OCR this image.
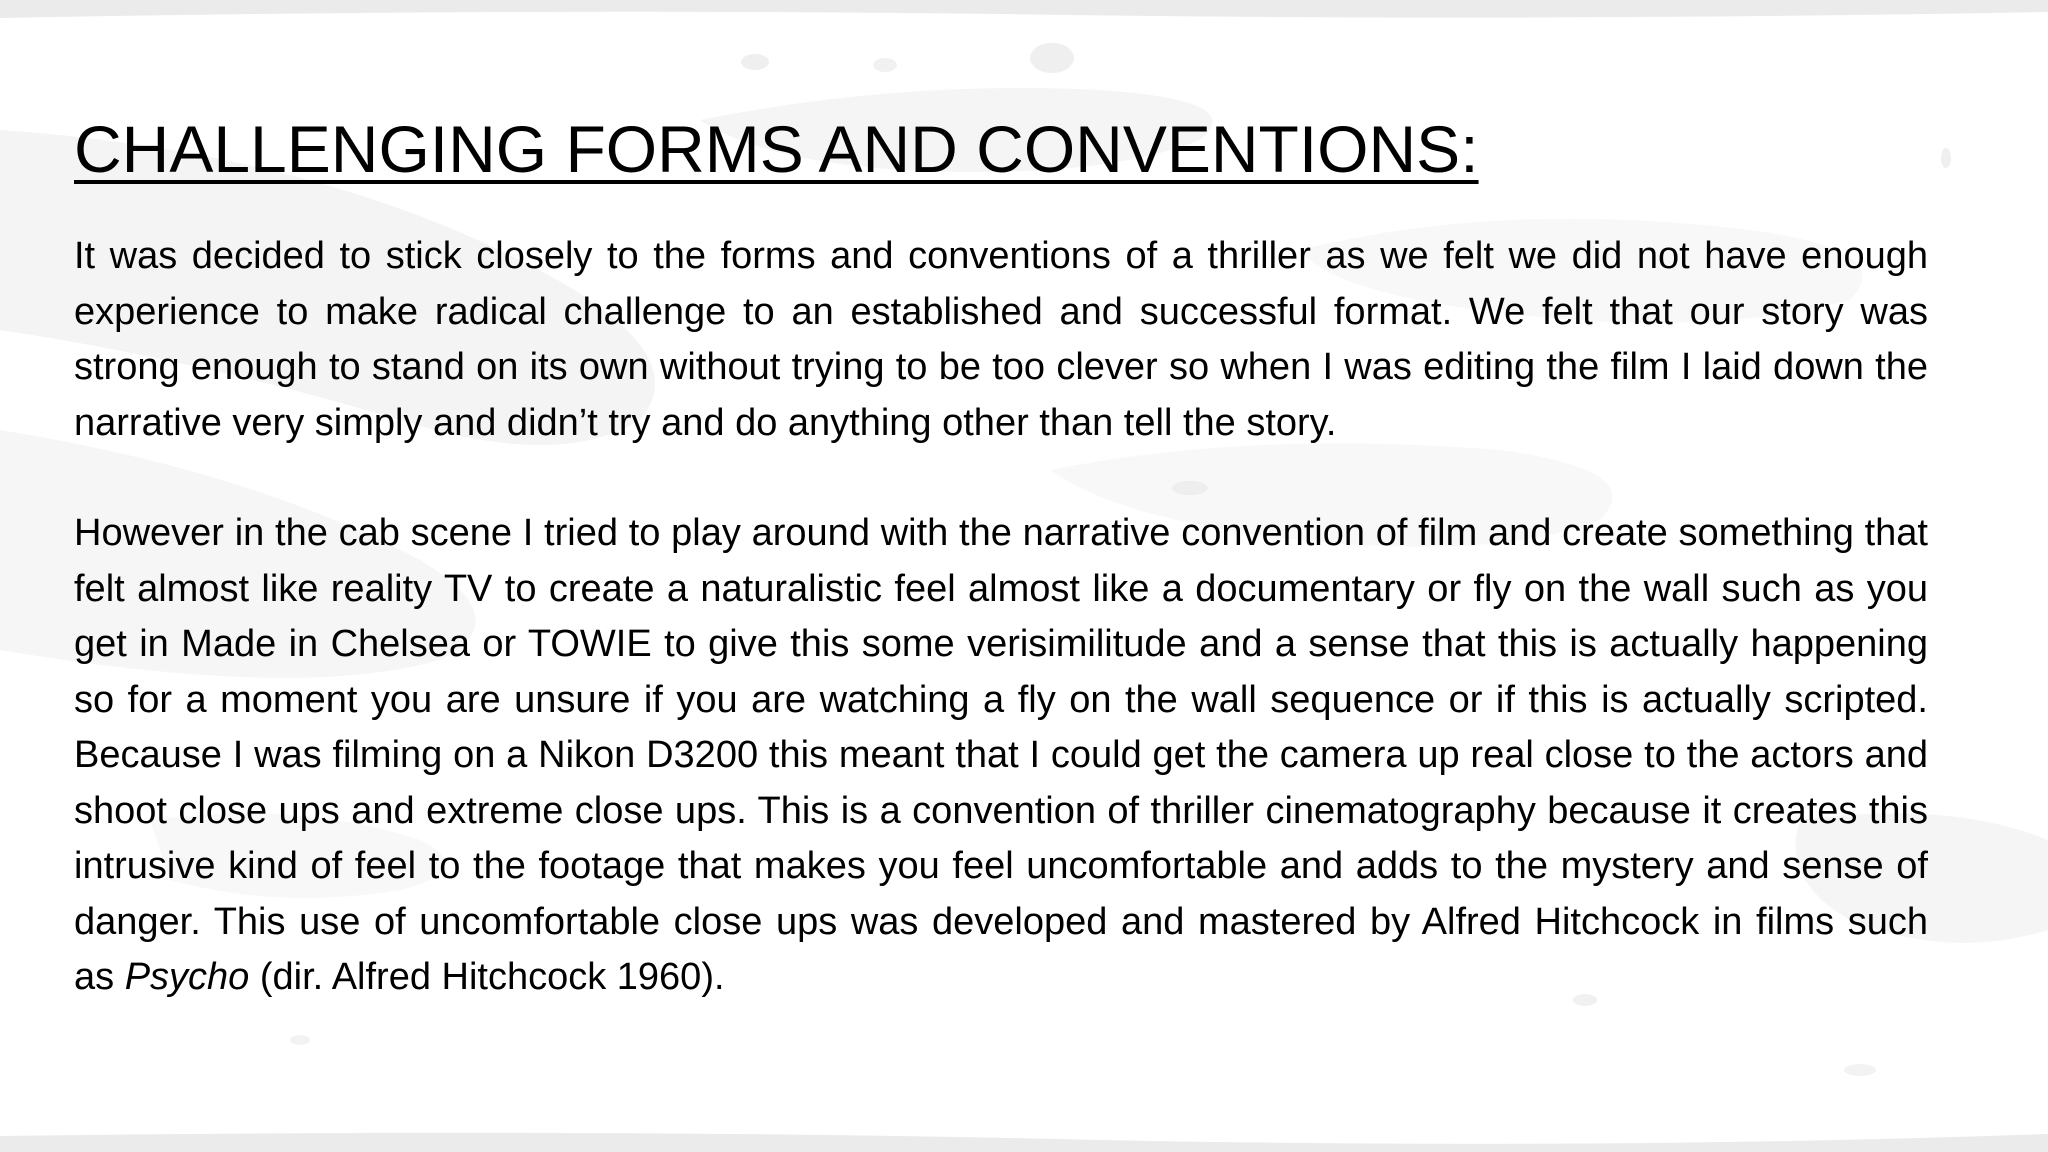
CHALLENGING FORMS AND CONVENTIONS:

It was decided to stick closely to the forms and conventions of a thriller as we felt we did not have enough experience to make radical challenge to an established and successful format. We felt that our story was strong enough to stand on its own without trying to be too clever so when I was editing the film I laid down the narrative very simply and didn’t try and do anything other than tell the story.

However in the cab scene I tried to play around with the narrative convention of film and create something that felt almost like reality TV to create a naturalistic feel almost like a documentary or fly on the wall such as you get in Made in Chelsea or TOWIE to give this some verisimilitude and a sense that this is actually happening so for a moment you are unsure if you are watching a fly on the wall sequence or if this is actually scripted. Because I was filming on a Nikon D3200 this meant that I could get the camera up real close to the actors and shoot close ups and extreme close ups. This is a convention of thriller cinematography because it creates this intrusive kind of feel to the footage that makes you feel uncomfortable and adds to the mystery and sense of danger. This use of uncomfortable close ups was developed and mastered by Alfred Hitchcock in films such as Psycho (dir. Alfred Hitchcock 1960).
